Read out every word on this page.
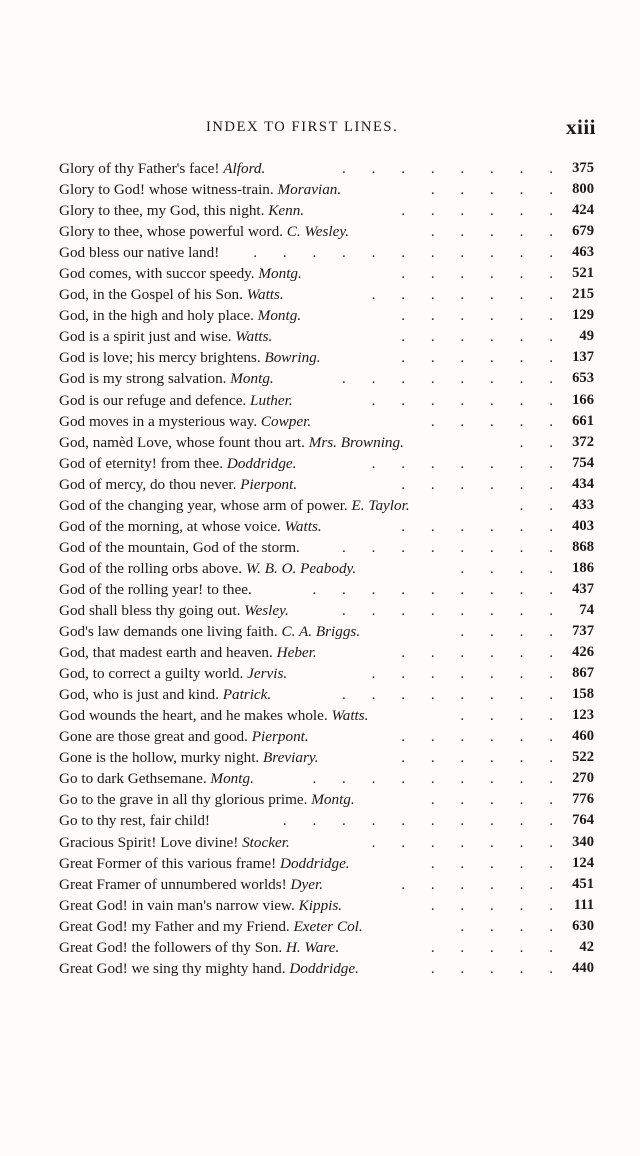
INDEX TO FIRST LINES.	xiii
Glory of thy Father's face! Alford.	. . . . . . . . 375
Glory to God! whose witness-train. Moravian.	. . . . . 800
Glory to thee, my God, this night. Kenn.	. . . . . . 424
Glory to thee, whose powerful word. C. Wesley.	. . . . . 679
God bless our native land! . . . . . . . . . . . 463
God comes, with succor speedy. Montg.	. . . . . . 521
God, in the Gospel of his Son. Watts.	. . . . . . . 215
God, in the high and holy place. Montg.	. . . . . . 129
God is a spirit just and wise. Watts.	. . . . . . 49
God is love; his mercy brightens. Bowring.	. . . . . . 137
God is my strong salvation. Montg.	. . . . . . . . 653
God is our refuge and defence. Luther.	. . . . . . . 166
God moves in a mysterious way. Cowper.	. . . . . 661
God, namèd Love, whose fount thou art. Mrs. Browning.	. . 372
God of eternity! from thee. Doddridge.	. . . . . . . 754
God of mercy, do thou never. Pierpont.	. . . . . . 434
God of the changing year, whose arm of power. E. Taylor.	. . 433
God of the morning, at whose voice. Watts.	. . . . . . 403
God of the mountain, God of the storm.	. . . . . . . . 868
God of the rolling orbs above. W. B. O. Peabody.	. . . . 186
God of the rolling year! to thee.	. . . . . . . . . 437
God shall bless thy going out. Wesley.	. . . . . . . . 74
God's law demands one living faith. C. A. Briggs.	. . . . 737
God, that madest earth and heaven. Heber.	. . . . . . 426
God, to correct a guilty world. Jervis.	. . . . . . . 867
God, who is just and kind. Patrick.	. . . . . . . . 158
God wounds the heart, and he makes whole. Watts.	. . . . 123
Gone are those great and good. Pierpont.	. . . . . . 460
Gone is the hollow, murky night. Breviary.	. . . . . . 522
Go to dark Gethsemane. Montg.	. . . . . . . . . 270
Go to the grave in all thy glorious prime. Montg.	. . . . . 776
Go to thy rest, fair child!	. . . . . . . . . . 764
Gracious Spirit! Love divine! Stocker.	. . . . . . . 340
Great Former of this various frame! Doddridge.	. . . . . 124
Great Framer of unnumbered worlds! Dyer.	. . . . . . 451
Great God! in vain man's narrow view. Kippis.	. . . . . 111
Great God! my Father and my Friend. Exeter Col.	. . . . 630
Great God! the followers of thy Son. H. Ware.	. . . . . 42
Great God! we sing thy mighty hand. Doddridge.	. . . . . 440
